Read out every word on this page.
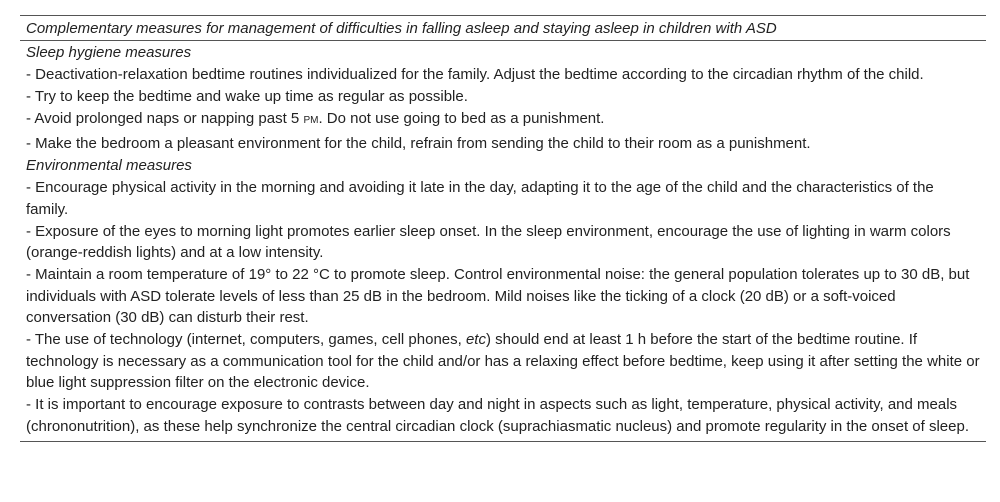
Complementary measures for management of difficulties in falling asleep and staying asleep in children with ASD
Sleep hygiene measures
- Deactivation-relaxation bedtime routines individualized for the family. Adjust the bedtime according to the circadian rhythm of the child.
- Try to keep the bedtime and wake up time as regular as possible.
- Avoid prolonged naps or napping past 5 PM. Do not use going to bed as a punishment.
- Make the bedroom a pleasant environment for the child, refrain from sending the child to their room as a punishment.
Environmental measures
- Encourage physical activity in the morning and avoiding it late in the day, adapting it to the age of the child and the characteristics of the family.
- Exposure of the eyes to morning light promotes earlier sleep onset. In the sleep environment, encourage the use of lighting in warm colors (orange-reddish lights) and at a low intensity.
- Maintain a room temperature of 19° to 22 °C to promote sleep. Control environmental noise: the general population tolerates up to 30 dB, but individuals with ASD tolerate levels of less than 25 dB in the bedroom. Mild noises like the ticking of a clock (20 dB) or a soft-voiced conversation (30 dB) can disturb their rest.
- The use of technology (internet, computers, games, cell phones, etc) should end at least 1 h before the start of the bedtime routine. If technology is necessary as a communication tool for the child and/or has a relaxing effect before bedtime, keep using it after setting the white or blue light suppression filter on the electronic device.
- It is important to encourage exposure to contrasts between day and night in aspects such as light, temperature, physical activity, and meals (chrononutrition), as these help synchronize the central circadian clock (suprachiasmatic nucleus) and promote regularity in the onset of sleep.
